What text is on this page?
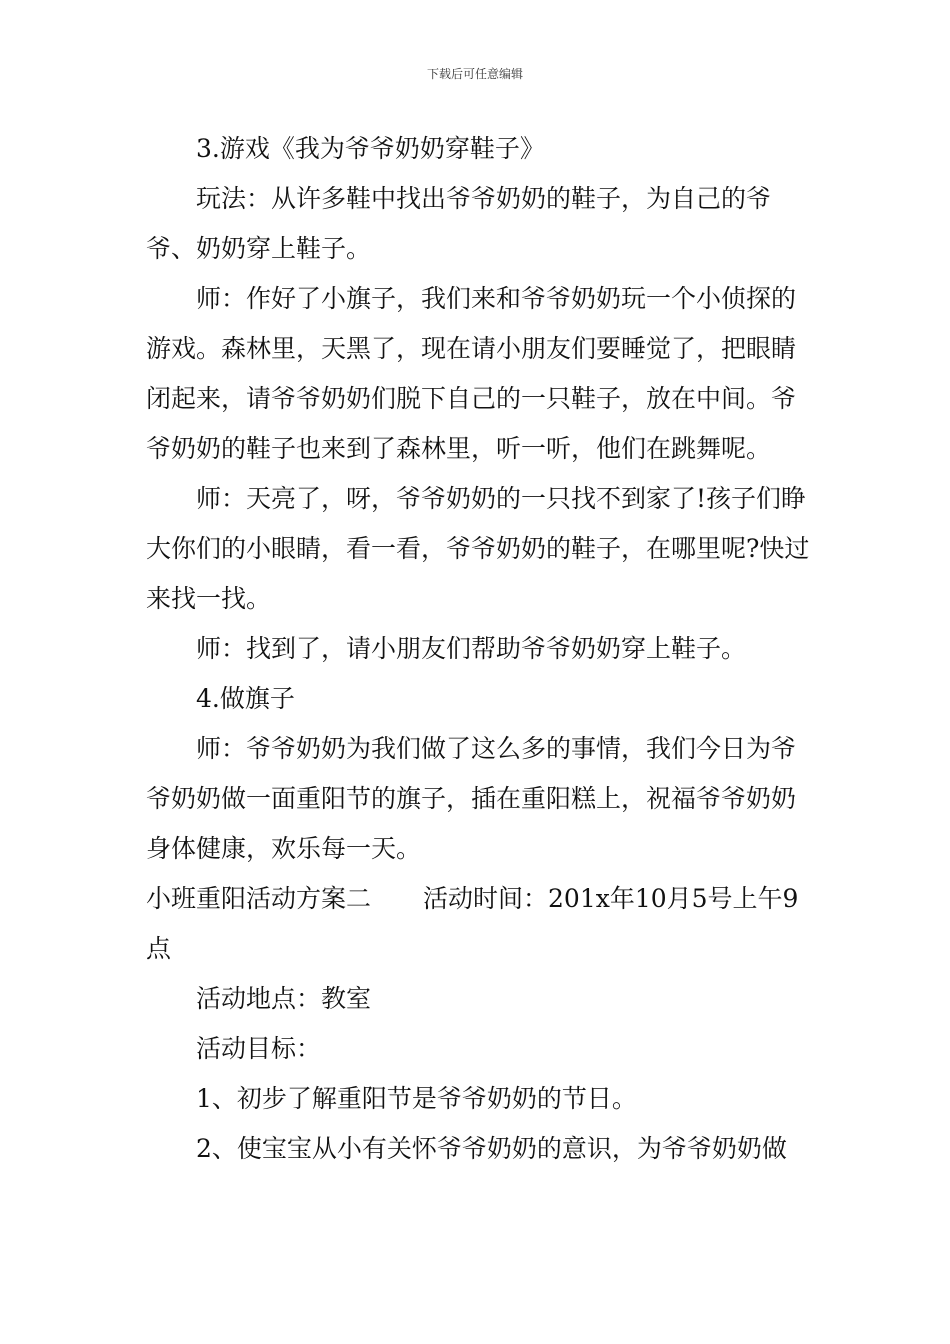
下载后可任意编辑

3.游戏《我为爷爷奶奶穿鞋子》

玩法：从许多鞋中找出爷爷奶奶的鞋子，为自己的爷爷、奶奶穿上鞋子。

师：作好了小旗子，我们来和爷爷奶奶玩一个小侦探的游戏。森林里，天黑了，现在请小朋友们要睡觉了，把眼睛闭起来，请爷爷奶奶们脱下自己的一只鞋子，放在中间。爷爷奶奶的鞋子也来到了森林里，听一听，他们在跳舞呢。

师：天亮了，呀，爷爷奶奶的一只找不到家了!孩子们睁大你们的小眼睛，看一看，爷爷奶奶的鞋子，在哪里呢?快过来找一找。

师：找到了，请小朋友们帮助爷爷奶奶穿上鞋子。

4.做旗子

师：爷爷奶奶为我们做了这么多的事情，我们今日为爷爷奶奶做一面重阳节的旗子，插在重阳糕上，祝福爷爷奶奶身体健康，欢乐每一天。

小班重阳活动方案二 活动时间：201x年10月5号上午9点

活动地点：教室

活动目标：

1、初步了解重阳节是爷爷奶奶的节日。

2、使宝宝从小有关怀爷爷奶奶的意识，为爷爷奶奶做
